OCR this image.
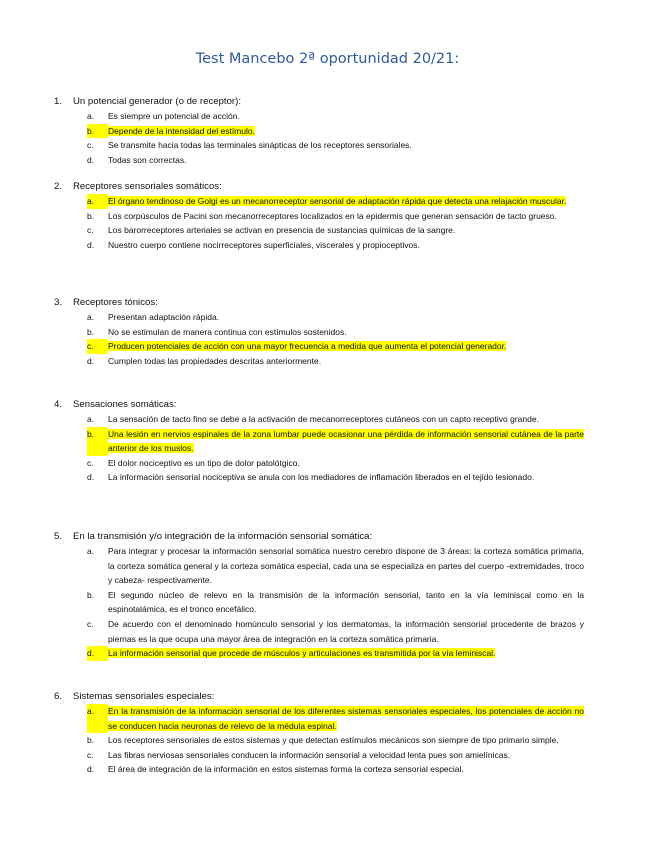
Test Mancebo 2ª oportunidad 20/21:
1.	Un potencial generador (o de receptor):
a.	Es siempre un potencial de acción.
b.	Depende de la intensidad del estímulo.
c.	Se transmite hacia todas las terminales sinápticas de los receptores sensoriales.
d.	Todas son correctas.
2.	Receptores sensoriales somáticos:
a.	El órgano tendinoso de Golgi es un mecanorreceptor sensorial de adaptación rápida que detecta una relajación muscular.
b.	Los corpúsculos de Pacini son mecanorreceptores localizados en la epidermis que generan sensación de tacto grueso.
c.	Los barorreceptores arteriales se activan en presencia de sustancias químicas de la sangre.
d.	Nuestro cuerpo contiene nocirreceptores superficiales, viscerales y propioceptivos.
3.	Receptores tónicos:
a.	Presentan adaptación rápida.
b.	No se estimulan de manera continua con estímulos sostenidos.
c.	Producen potenciales de acción con una mayor frecuencia a medida que aumenta el potencial generador.
d.	Cumplen todas las propiedades descritas anteriormente.
4.	Sensaciones somáticas:
a.	La sensación de tacto fino se debe a la activación de mecanorreceptores cutáneos con un capto receptivo grande.
b.	Una lesión en nervios espinales de la zona lumbar puede ocasionar una pérdida de información sensorial cutánea de la parte anterior de los muslos.
c.	El dolor nociceptivo es un tipo de dolor patolótgico.
d.	La información sensorial nociceptiva se anula con los mediadores de inflamación liberados en el tejido lesionado.
5.	En la transmisión y/o integración de la información sensorial somática:
a.	Para integrar y procesar la información sensorial somática nuestro cerebro dispone de 3 áreas: la corteza somática primaria, la corteza somática general y la corteza somática especial, cada una se especializa en partes del cuerpo -extremidades, troco y cabeza- respectivamente.
b.	El segundo núcleo de relevo en la transmisión de la información sensorial, tanto en la vía leminiscal como en la espinotalámica, es el tronco encefálico.
c.	De acuerdo con el denominado homúnculo sensorial y los dermatomas, la información sensorial procedente de brazos y piernas es la que ocupa una mayor área de integración en la corteza somática primaria.
d.	La información sensorial que procede de músculos y articulaciones es transmitida por la vía leminiscal.
6.	Sistemas sensoriales especiales:
a.	En la transmisión de la información sensorial de los diferentes sistemas sensoriales especiales, los potenciales de acción no se conducen hacia neuronas de relevo de la médula espinal.
b.	Los receptores sensoriales de estos sistemas y que detectan estímulos mecánicos son siempre de tipo primario simple.
c.	Las fibras nerviosas sensoriales conducen la información sensorial a velocidad lenta pues son amielínicas.
d.	El área de integración de la información en estos sistemas forma la corteza sensorial especial.
